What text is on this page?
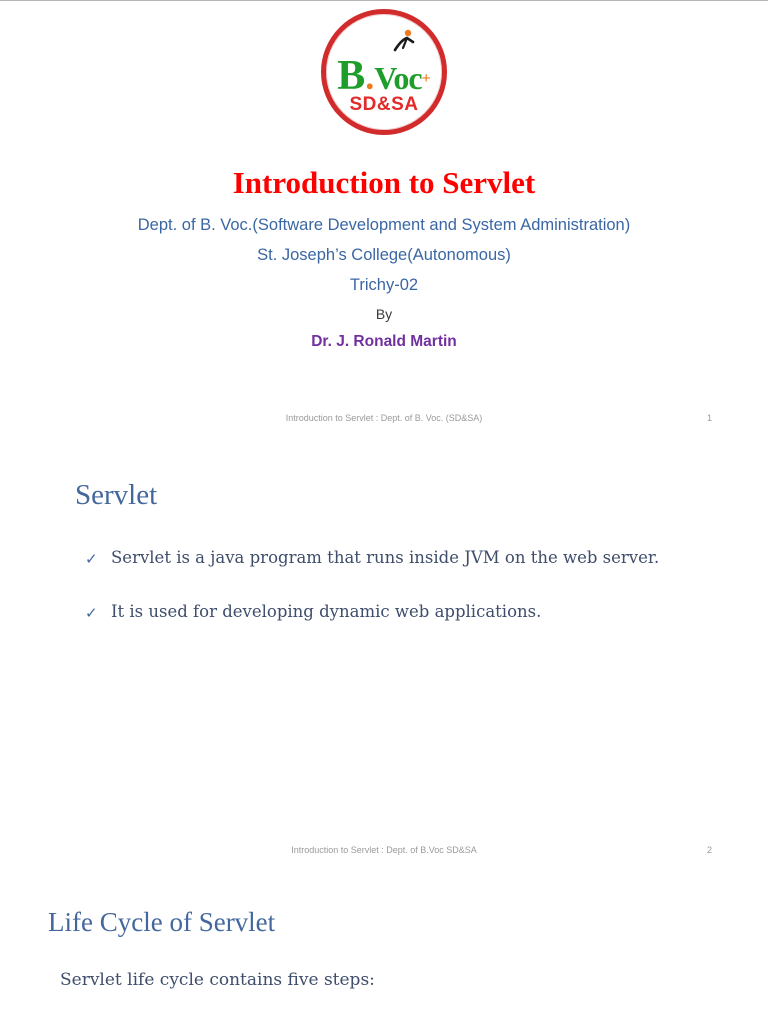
B.Voc+
SD&SA
Introduction to Servlet

Dept. of B. Voc.(Software Development and System Administration)

St. Joseph’s College(Autonomous)

Trichy-02

By

Dr. J. Ronald Martin

Introduction to Servlet : Dept. of B. Voc. (SD&SA)	1
Servlet
✓ Servlet is a java program that runs inside JVM on the web server.
✓ It is used for developing dynamic web applications.
Introduction to Servlet : Dept. of B.Voc SD&SA	2
Life Cycle of Servlet

Servlet life cycle contains five steps:
